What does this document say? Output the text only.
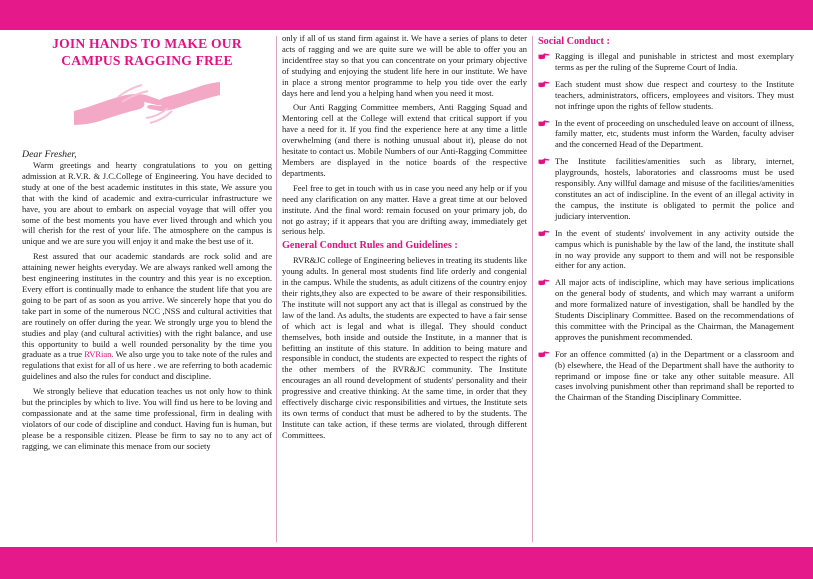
JOIN HANDS TO MAKE OUR CAMPUS RAGGING FREE
Dear Fresher,

Warm greetings and hearty congratulations to you on getting admission at R.V.R. & J.C.College of Engineering. You have decided to study at one of the best academic institutes in this state, We assure you that with the kind of academic and extra-curricular infrastructure we have, you are about to embark on aspecial voyage that will offer you some of the best moments you have ever lived through and which you will cherish for the rest of your life. The atmosphere on the campus is unique and we are sure you will enjoy it and make the best use of it.

Rest assured that our academic standards are rock solid and are attaining newer heights everyday. We are always ranked well among the best engineering institutes in the country and this year is no exception. Every effort is continually made to enhance the student life that you are going to be part of as soon as you arrive. We sincerely hope that you do take part in some of the numerous NCC ,NSS and cultural activities that are routinely on offer during the year. We strongly urge you to blend the studies and play (and cultural activities) with the right balance, and use this opportunity to build a well rounded personality by the time you graduate as a true RVRian. We also urge you to take note of the rules and regulations that exist for all of us here . we are referring to both academic guidelines and also the rules for conduct and discipline.

We strongly believe that education teaches us not only how to think but the principles by which to live. You will find us here to be loving and compassionate and at the same time professional, firm in dealing with violators of our code of discipline and conduct. Having fun is human, but please be a responsible citizen. Please be firm to say no to any act of ragging, we can eliminate this menace from our society

only if all of us stand firm against it. We have a series of plans to deter acts of ragging and we are quite sure we will be able to offer you an incidentfree stay so that you can concentrate on your primary objective of studying and enjoying the student life here in our institute. We have in place a strong mentor programme to help you tide over the early days here and lend you a helping hand when you need it most.

Our Anti Ragging Committee members, Anti Ragging Squad and Mentoring cell at the College will extend that critical support if you have a need for it. If you find the experience here at any time a little overwhelming (and there is nothing unusual about it), please do not hesitate to contact us. Mobile Numbers of our Anti-Ragging Committee Members are displayed in the notice boards of the respective departments.

Feel free to get in touch with us in case you need any help or if you need any clarification on any matter. Have a great time at our beloved institute. And the final word: remain focused on your primary job, do not go astray; if it appears that you are drifting away, immediately get serious help.

General Conduct Rules and Guidelines :

RVR&JC college of Engineering believes in treating its students like young adults. In general most students find life orderly and congenial in the campus. While the students, as adult citizens of the country enjoy their rights,they also are expected to be aware of their responsibilities. The institute will not support any act that is illegal as construed by the law of the land. As adults, the students are expected to have a fair sense of which act is legal and what is illegal. They should conduct themselves, both inside and outside the Institute, in a manner that is befitting an institute of this stature. In addition to being mature and responsible in conduct, the students are expected to respect the rights of the other members of the RVR&JC community. The Institute encourages an all round development of students' personality and their progressive and creative thinking. At the same time, in order that they effectively discharge civic responsibilities and virtues, the Institute sets its own terms of conduct that must be adhered to by the students. The Institute can take action, if these terms are violated, through different Committees.

Social Conduct :
Ragging is illegal and punishable in strictest and most exemplary terms as per the ruling of the Supreme Court of India.
Each student must show due respect and courtesy to the Institute teachers, administrators, officers, employees and visitors. They must not infringe upon the rights of fellow students.
In the event of proceeding on unscheduled leave on account of illness, family matter, etc, students must inform the Warden, faculty adviser and the concerned Head of the Department.
The Institute facilities/amenities such as library, internet, playgrounds, hostels, laboratories and classrooms must be used responsibly. Any willful damage and misuse of the facilities/amenities constitutes an act of indiscipline. In the event of an illegal activity in the campus, the institute is obligated to permit the police and judiciary intervention.
In the event of students' involvement in any activity outside the campus which is punishable by the law of the land, the institute shall in no way provide any support to them and will not be responsible either for any action.
All major acts of indiscipline, which may have serious implications on the general body of students, and which may warrant a uniform and more formalized nature of investigation, shall be handled by the Students Disciplinary Committee. Based on the recommendations of this committee with the Principal as the Chairman, the Management approves the punishment recommended.
For an offence committed (a) in the Department or a classroom and (b) elsewhere, the Head of the Department shall have the authority to reprimand or impose fine or take any other suitable measure. All cases involving punishment other than reprimand shall be reported to the Chairman of the Standing Disciplinary Committee.
